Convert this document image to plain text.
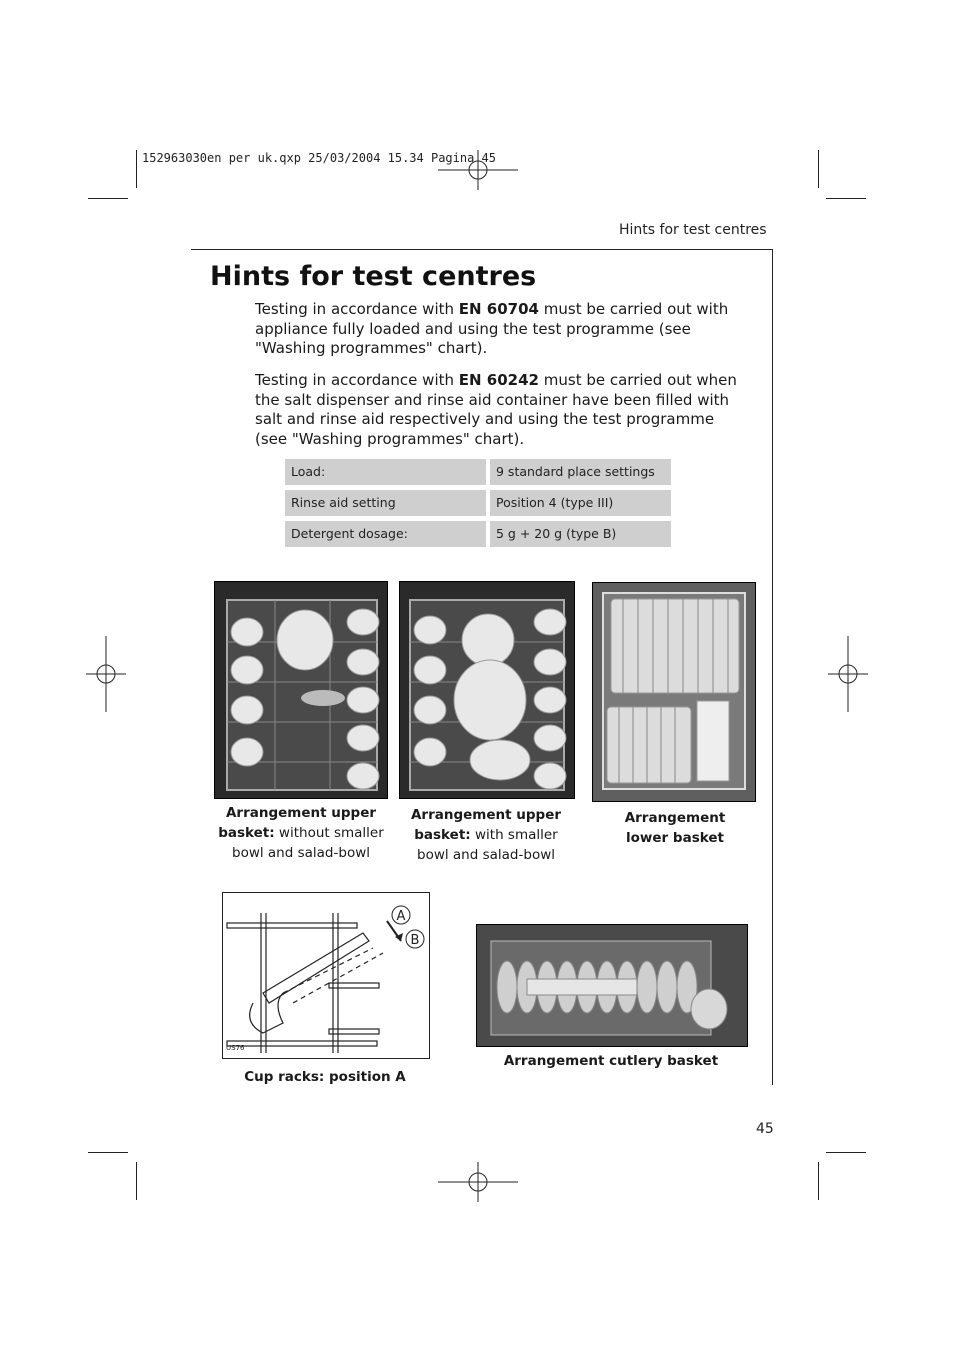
152963030en per uk.qxp 25/03/2004 15.34 Pagina 45
Hints for test centres
Hints for test centres
Testing in accordance with EN 60704 must be carried out with appliance fully loaded and using the test programme (see "Washing programmes" chart).
Testing in accordance with EN 60242 must be carried out when the salt dispenser and rinse aid container have been filled with salt and rinse aid respectively and using the test programme (see "Washing programmes" chart).
Load:	9 standard place settings
Rinse aid setting	Position 4 (type III)
Detergent dosage:	5 g + 20 g (type B)
Arrangement upper basket: without smaller bowl and salad-bowl
Arrangement upper basket: with smaller bowl and salad-bowl
Arrangement lower basket
A
B
US76
Arrangement cutlery basket
Cup racks: position A
45
